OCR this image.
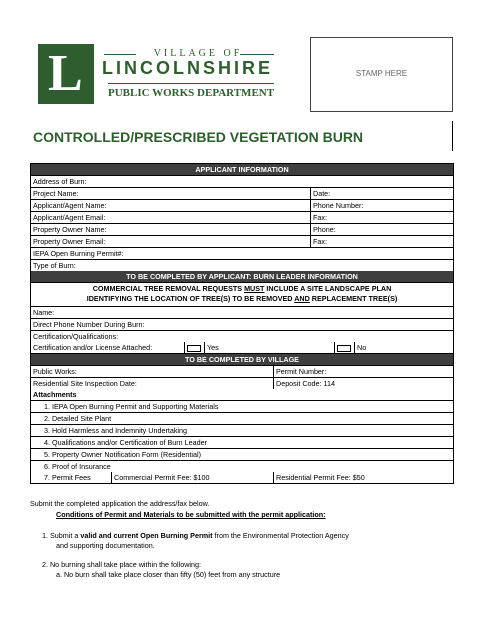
L	VILLAGE OF
LINCOLNSHIRE
PUBLIC WORKS DEPARTMENT
STAMP HERE
CONTROLLED/PRESCRIBED VEGETATION BURN
APPLICANT INFORMATION
Address of Burn:
Project Name:	Date:
Applicant/Agent Name:	Phone Number:
Applicant/Agent Email:	Fax:
Property Owner Name:	Phone:
Property Owner Email:	Fax:
IEPA Open Burning Permit#:
Type of Burn:
TO BE COMPLETED BY APPLICANT: BURN LEADER INFORMATION
COMMERCIAL TREE REMOVAL REQUESTS MUST INCLUDE A SITE LANDSCAPE PLAN
IDENTIFYING THE LOCATION OF TREE(S) TO BE REMOVED AND REPLACEMENT TREE(S)
Name:
Direct Phone Number During Burn:
Certification/Qualifications:
Certification and/or License Attached:	Yes	No
TO BE COMPLETED BY VILLAGE
Public Works:	Permit Number:
Residential Site Inspection Date:	Deposit Code: 114
Attachments
1. IEPA Open Burning Permit and Supporting Materials
2. Detailed Site Plant
3. Hold Harmless and Indemnity Undertaking
4. Qualifications and/or Certification of Burn Leader
5. Property Owner Notification Form (Residential)
6. Proof of Insurance
7. Permit Fees	Commercial Permit Fee: $100	Residential Permit Fee: $50
Submit the completed application the address/fax below.
Conditions of Permit and Materials to be submitted with the permit application:
1. Submit a valid and current Open Burning Permit from the Environmental Protection Agency
and supporting documentation.
2. No burning shall take place within the following:
a. No burn shall take place closer than fifty (50) feet from any structure
